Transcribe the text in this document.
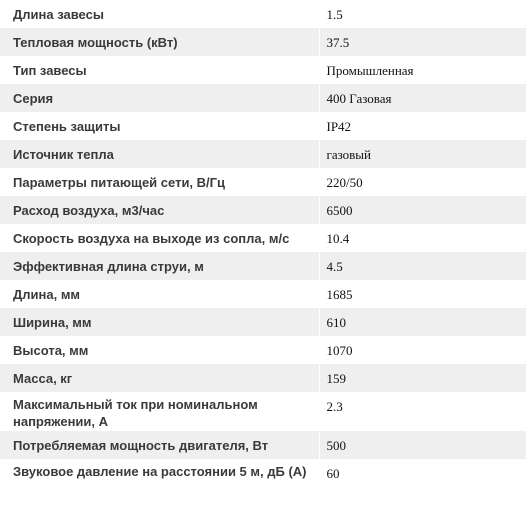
Длина завесы	1.5
Тепловая мощность (кВт)	37.5
Тип завесы	Промышленная
Серия	400 Газовая
Степень защиты	IP42
Источник тепла	газовый
Параметры питающей сети, В/Гц	220/50
Расход воздуха, м3/час	6500
Скорость воздуха на выходе из сопла, м/с	10.4
Эффективная длина струи, м	4.5
Длина, мм	1685
Ширина, мм	610
Высота, мм	1070
Масса, кг	159
Максимальный ток при номинальном напряжении, А	2.3
Потребляемая мощность двигателя, Вт	500
Звуковое давление на расстоянии 5 м, дБ (А)	60
